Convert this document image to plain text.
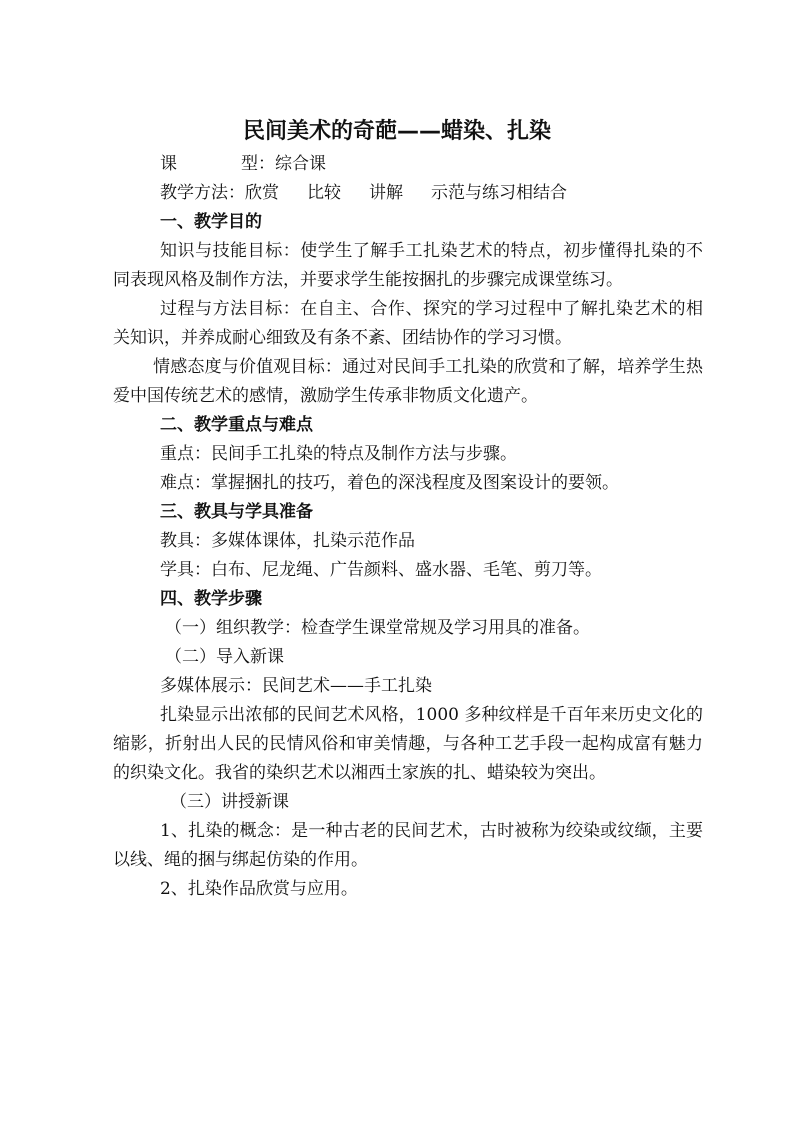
民间美术的奇葩——蜡染、扎染

课	型：综合课

教学方法：欣赏 比较 讲解 示范与练习相结合

一、教学目的

知识与技能目标：使学生了解手工扎染艺术的特点，初步懂得扎染的不同表现风格及制作方法，并要求学生能按捆扎的步骤完成课堂练习。

过程与方法目标：在自主、合作、探究的学习过程中了解扎染艺术的相关知识，并养成耐心细致及有条不紊、团结协作的学习习惯。

情感态度与价值观目标：通过对民间手工扎染的欣赏和了解，培养学生热爱中国传统艺术的感情，激励学生传承非物质文化遗产。

二、教学重点与难点

重点：民间手工扎染的特点及制作方法与步骤。

难点：掌握捆扎的技巧，着色的深浅程度及图案设计的要领。

三、教具与学具准备

教具：多媒体课体，扎染示范作品

学具：白布、尼龙绳、广告颜料、盛水器、毛笔、剪刀等。

四、教学步骤

（一）组织教学：检查学生课堂常规及学习用具的准备。

（二）导入新课

多媒体展示：民间艺术——手工扎染

扎染显示出浓郁的民间艺术风格，1000 多种纹样是千百年来历史文化的缩影，折射出人民的民情风俗和审美情趣，与各种工艺手段一起构成富有魅力的织染文化。我省的染织艺术以湘西土家族的扎、蜡染较为突出。

（三）讲授新课

1、扎染的概念：是一种古老的民间艺术，古时被称为绞染或纹缬，主要以线、绳的捆与绑起仿染的作用。

2、扎染作品欣赏与应用。
